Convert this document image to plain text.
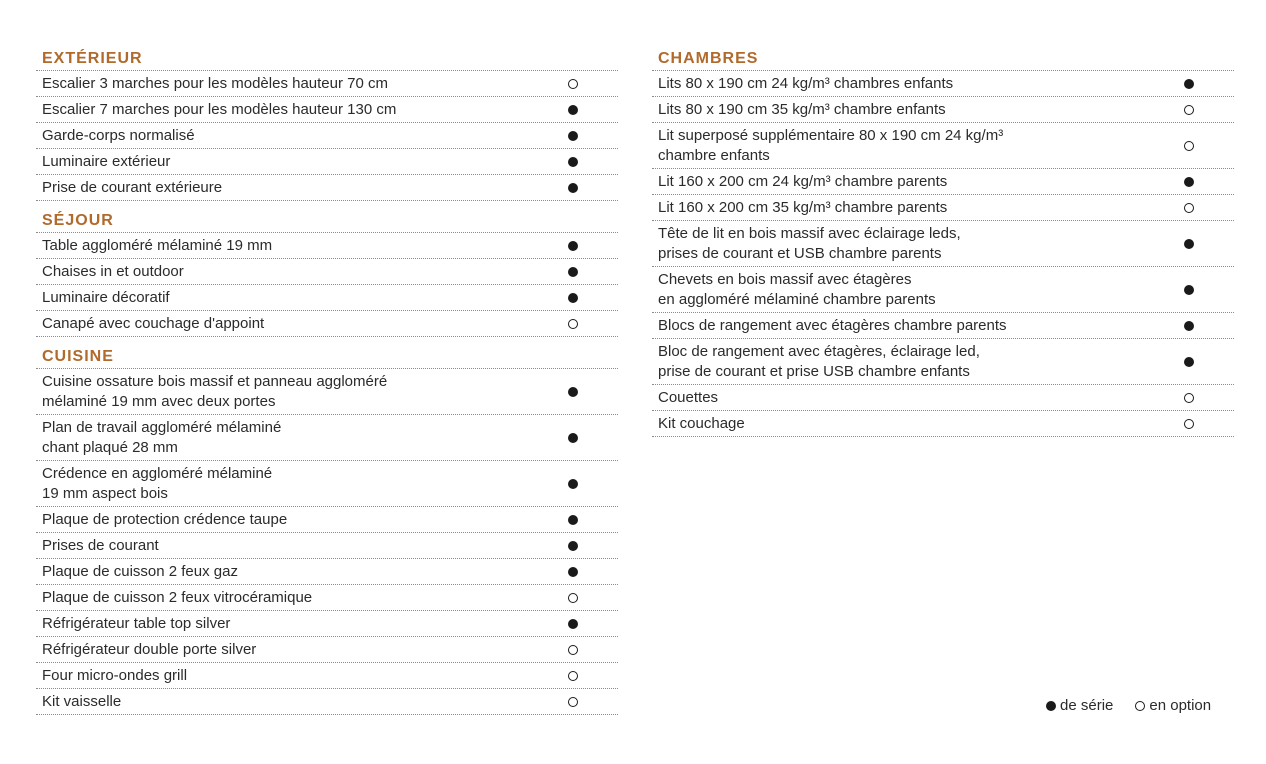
EXTÉRIEUR
Escalier 3 marches pour les modèles hauteur 70 cm
Escalier 7 marches pour les modèles hauteur 130 cm
Garde-corps normalisé
Luminaire extérieur
Prise de courant extérieure
SÉJOUR
Table aggloméré mélaminé 19 mm
Chaises in et outdoor
Luminaire décoratif
Canapé avec couchage d'appoint
CUISINE
Cuisine ossature bois massif et panneau aggloméré
mélaminé 19 mm avec deux portes
Plan de travail aggloméré mélaminé
chant plaqué 28 mm
Crédence en aggloméré mélaminé
19 mm aspect bois
Plaque de protection crédence taupe
Prises de courant
Plaque de cuisson 2 feux gaz
Plaque de cuisson 2 feux vitrocéramique
Réfrigérateur table top silver
Réfrigérateur double porte silver
Four micro-ondes grill
Kit vaisselle
CHAMBRES
Lits 80 x 190 cm 24 kg/m³ chambres enfants
Lits 80 x 190 cm 35 kg/m³ chambre enfants
Lit superposé supplémentaire 80 x 190 cm 24 kg/m³
chambre enfants
Lit 160 x 200 cm 24 kg/m³ chambre parents
Lit 160 x 200 cm 35 kg/m³ chambre parents
Tête de lit en bois massif avec éclairage leds,
prises de courant et USB chambre parents
Chevets en bois massif avec étagères
en aggloméré mélaminé chambre parents
Blocs de rangement avec étagères chambre parents
Bloc de rangement avec étagères, éclairage led,
prise de courant et prise USB chambre enfants
Couettes
Kit couchage
de série en option
